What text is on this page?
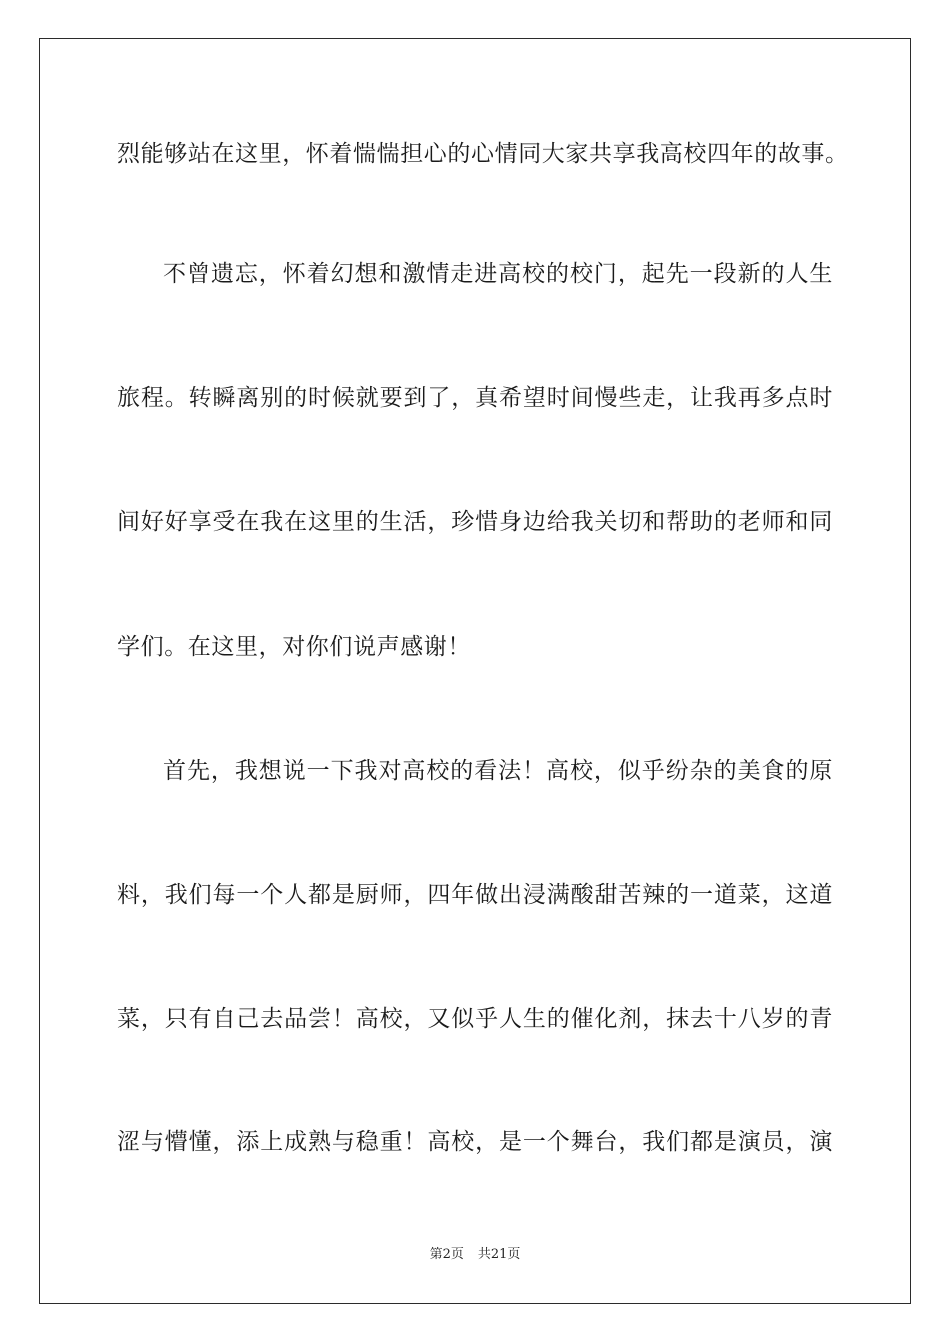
烈能够站在这里，怀着惴惴担心的心情同大家共享我高校四年的故事。
不曾遗忘，怀着幻想和激情走进高校的校门，起先一段新的人生
旅程。转瞬离别的时候就要到了，真希望时间慢些走，让我再多点时
间好好享受在我在这里的生活，珍惜身边给我关切和帮助的老师和同
学们。在这里，对你们说声感谢！
首先，我想说一下我对高校的看法！高校，似乎纷杂的美食的原
料，我们每一个人都是厨师，四年做出浸满酸甜苦辣的一道菜，这道
菜，只有自己去品尝！高校，又似乎人生的催化剂，抹去十八岁的青
涩与懵懂，添上成熟与稳重！高校，是一个舞台，我们都是演员，演
第2页 共21页
